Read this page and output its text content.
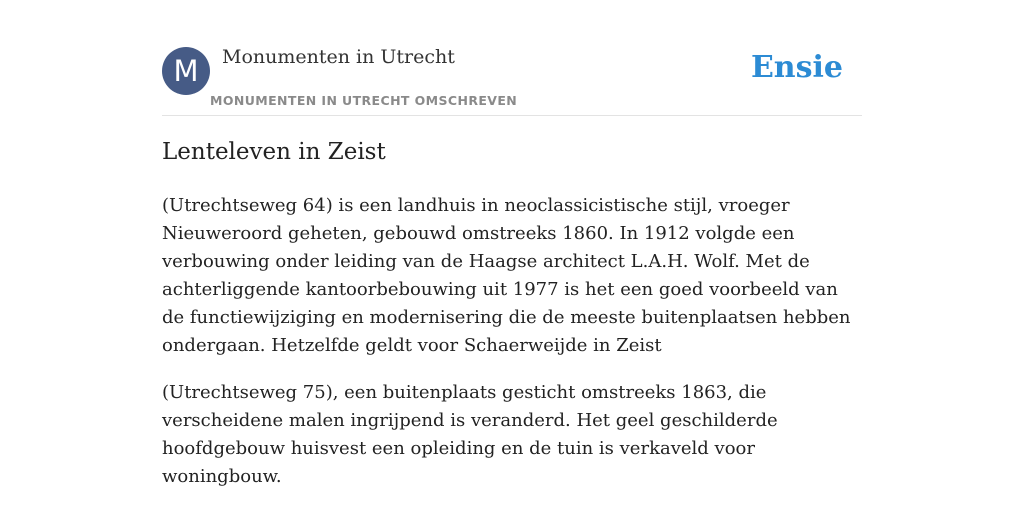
M	Monumenten in Utrecht
MONUMENTEN IN UTRECHT OMSCHREVEN
Ensie
Lenteleven in Zeist

(Utrechtseweg 64) is een landhuis in neoclassicistische stijl, vroeger Nieuweroord geheten, gebouwd omstreeks 1860. In 1912 volgde een verbouwing onder leiding van de Haagse architect L.A.H. Wolf. Met de achterliggende kantoorbebouwing uit 1977 is het een goed voorbeeld van de functiewijziging en modernisering die de meeste buitenplaatsen hebben ondergaan. Hetzelfde geldt voor Schaerweijde in Zeist

(Utrechtseweg 75), een buitenplaats gesticht omstreeks 1863, die verscheidene malen ingrijpend is veranderd. Het geel geschilderde hoofdgebouw huisvest een opleiding en de tuin is verkaveld voor woningbouw.
